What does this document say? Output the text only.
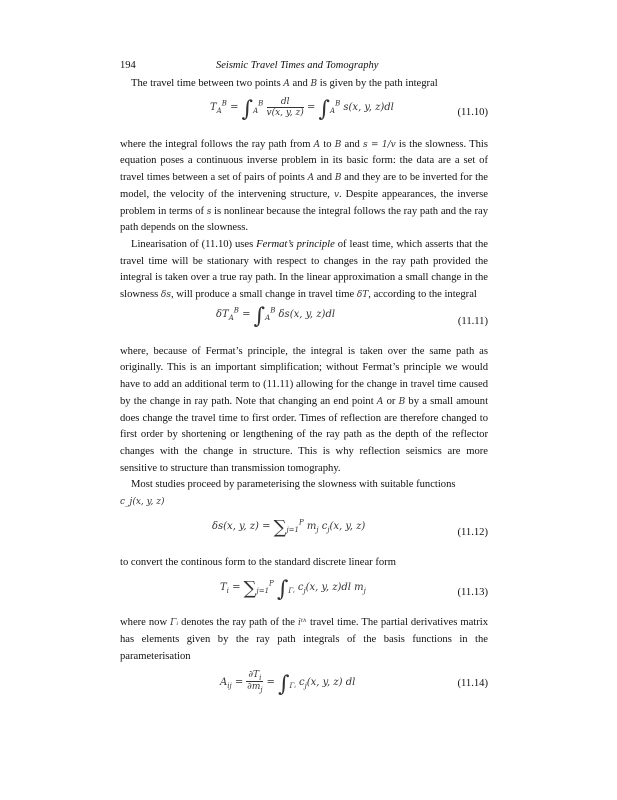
194	Seismic Travel Times and Tomography

The travel time between two points A and B is given by the path integral

$T_A^B = \int_A^B \frac{dl}{v(x, y, z)} = \int_A^B$ s(x, y, z)dl	(11.10)

where the integral follows the ray path from A to B and s = 1/v is the slowness. This equation poses a continuous inverse problem in its basic form: the data are a set of travel times between a set of pairs of points A and B and they are to be inverted for the model, the velocity of the intervening structure, v. Despite appearances, the inverse problem in terms of s is nonlinear because the integral follows the ray path and the ray path depends on the slowness.

Linearisation of (11.10) uses Fermat’s principle of least time, which asserts that the travel time will be stationary with respect to changes in the ray path provided the integral is taken over a true ray path. In the linear approximation a small change in the slowness δs, will produce a small change in travel time δT, according to the integral

$\delta T_A^B = \int_A^B$ δs(x, y, z)dl
(11.11)

where, because of Fermat’s principle, the integral is taken over the same path as originally. This is an important simplification; without Fermat’s principle we would have to add an additional term to (11.11) allowing for the change in travel time caused by the change in ray path. Note that changing an end point A or B by a small amount does change the travel time to first order. Times of reflection are therefore changed to first order by shortening or lengthening of the ray path as the depth of the reflector changes with the change in structure. This is why reflection seismics are more sensitive to structure than transmission tomography.

Most studies proceed by parameterising the slowness with suitable functions
c_j(x, y, z)

δs(x, y, $z) = \sum_{j=1}^P$ $m_j$ $c_j(x$, y, z)
(11.12)

to convert the continous form to the standard discrete linear form

$T_i = \sum_{j=1}^P$ $\int_{\Gamma ᵢ}$ $c_j(x$, y, z)dl $m_j$	(11.13)

where now Γᵢ denotes the ray path of the iᵗʰ travel time. The partial derivatives matrix has elements given by the ray path integrals of the basis functions in the parameterisation

$A_{ij} = \frac{\partial T_i}{\partial m_j} = \int_{\Gamma ᵢ}$ $c_j(x$, y, z) dl	(11.14)
